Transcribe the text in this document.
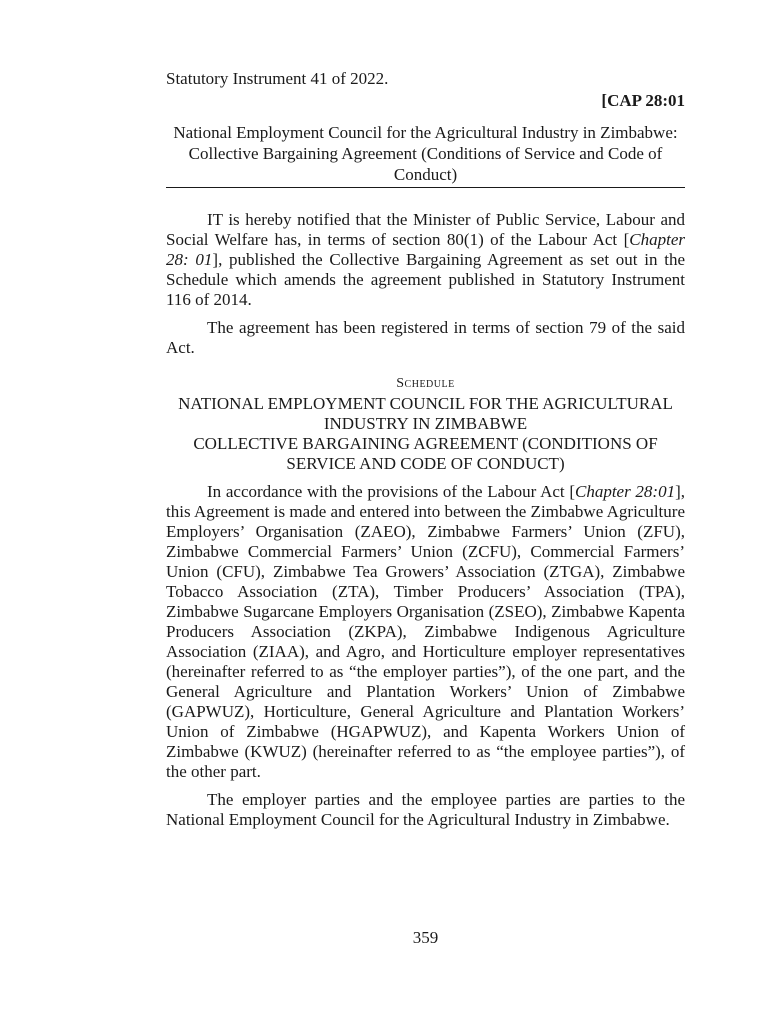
Statutory Instrument 41 of 2022.

[CAP 28:01

National Employment Council for the Agricultural Industry in Zimbabwe: Collective Bargaining Agreement (Conditions of Service and Code of Conduct)

IT is hereby notified that the Minister of Public Service, Labour and Social Welfare has, in terms of section 80(1) of the Labour Act [Chapter 28: 01], published the Collective Bargaining Agreement as set out in the Schedule which amends the agreement published in Statutory Instrument 116 of 2014.

The agreement has been registered in terms of section 79 of the said Act.

Schedule

NATIONAL EMPLOYMENT COUNCIL FOR THE AGRICULTURAL INDUSTRY IN ZIMBABWE

COLLECTIVE BARGAINING AGREEMENT (CONDITIONS OF SERVICE AND CODE OF CONDUCT)

In accordance with the provisions of the Labour Act [Chapter 28:01], this Agreement is made and entered into between the Zimbabwe Agriculture Employers’ Organisation (ZAEO), Zimbabwe Farmers’ Union (ZFU), Zimbabwe Commercial Farmers’ Union (ZCFU), Commercial Farmers’ Union (CFU), Zimbabwe Tea Growers’ Association (ZTGA), Zimbabwe Tobacco Association (ZTA), Timber Producers’ Association (TPA), Zimbabwe Sugarcane Employers Organisation (ZSEO), Zimbabwe Kapenta Producers Association (ZKPA), Zimbabwe Indigenous Agriculture Association (ZIAA), and Agro, and Horticulture employer representatives (hereinafter referred to as “the employer parties”), of the one part, and the General Agriculture and Plantation Workers’ Union of Zimbabwe (GAPWUZ), Horticulture, General Agriculture and Plantation Workers’ Union of Zimbabwe (HGAPWUZ), and Kapenta Workers Union of Zimbabwe (KWUZ) (hereinafter referred to as “the employee parties”), of the other part.

The employer parties and the employee parties are parties to the National Employment Council for the Agricultural Industry in Zimbabwe.

359
